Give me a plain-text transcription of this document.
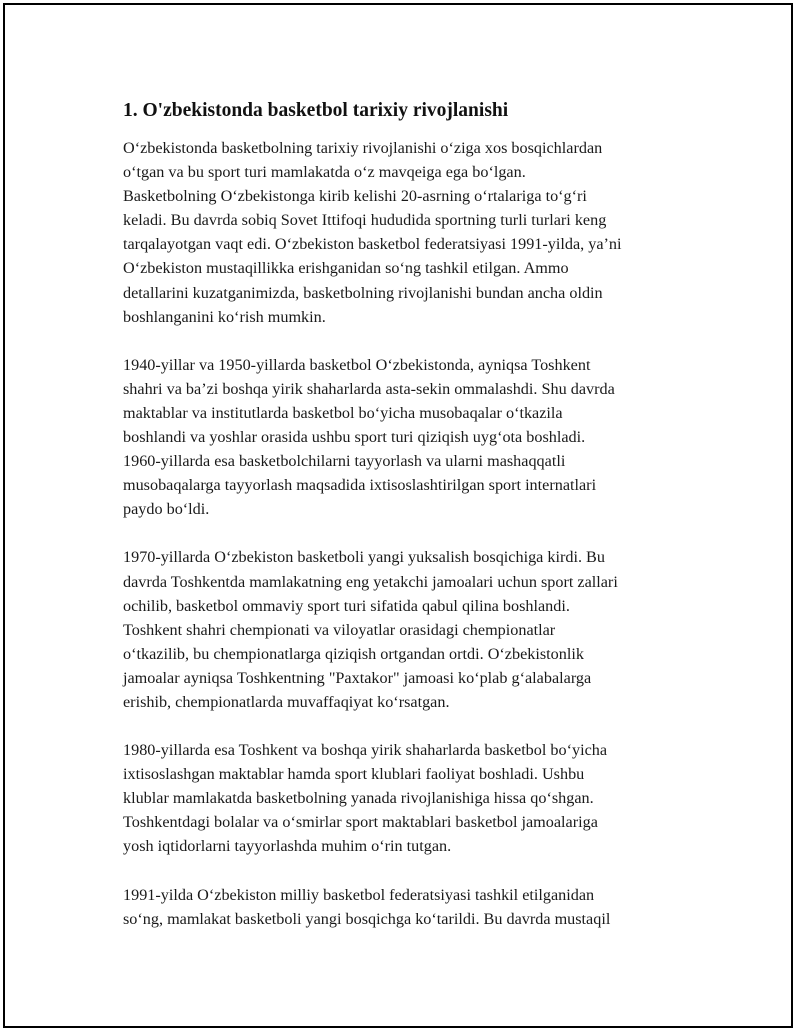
1. O'zbekistonda basketbol tarixiy rivojlanishi

O‘zbekistonda basketbolning tarixiy rivojlanishi o‘ziga xos bosqichlardan
o‘tgan va bu sport turi mamlakatda o‘z mavqeiga ega bo‘lgan.
Basketbolning O‘zbekistonga kirib kelishi 20-asrning o‘rtalariga to‘g‘ri
keladi. Bu davrda sobiq Sovet Ittifoqi hududida sportning turli turlari keng
tarqalayotgan vaqt edi. O‘zbekiston basketbol federatsiyasi 1991-yilda, ya’ni
O‘zbekiston mustaqillikka erishganidan so‘ng tashkil etilgan. Ammo
detallarini kuzatganimizda, basketbolning rivojlanishi bundan ancha oldin
boshlanganini ko‘rish mumkin.

1940-yillar va 1950-yillarda basketbol O‘zbekistonda, ayniqsa Toshkent
shahri va ba’zi boshqa yirik shaharlarda asta-sekin ommalashdi. Shu davrda
maktablar va institutlarda basketbol bo‘yicha musobaqalar o‘tkazila
boshlandi va yoshlar orasida ushbu sport turi qiziqish uyg‘ota boshladi.
1960-yillarda esa basketbolchilarni tayyorlash va ularni mashaqqatli
musobaqalarga tayyorlash maqsadida ixtisoslashtirilgan sport internatlari
paydo bo‘ldi.

1970-yillarda O‘zbekiston basketboli yangi yuksalish bosqichiga kirdi. Bu
davrda Toshkentda mamlakatning eng yetakchi jamoalari uchun sport zallari
ochilib, basketbol ommaviy sport turi sifatida qabul qilina boshlandi.
Toshkent shahri chempionati va viloyatlar orasidagi chempionatlar
o‘tkazilib, bu chempionatlarga qiziqish ortgandan ortdi. O‘zbekistonlik
jamoalar ayniqsa Toshkentning "Paxtakor" jamoasi ko‘plab g‘alabalarga
erishib, chempionatlarda muvaffaqiyat ko‘rsatgan.

1980-yillarda esa Toshkent va boshqa yirik shaharlarda basketbol bo‘yicha
ixtisoslashgan maktablar hamda sport klublari faoliyat boshladi. Ushbu
klublar mamlakatda basketbolning yanada rivojlanishiga hissa qo‘shgan.
Toshkentdagi bolalar va o‘smirlar sport maktablari basketbol jamoalariga
yosh iqtidorlarni tayyorlashda muhim o‘rin tutgan.

1991-yilda O‘zbekiston milliy basketbol federatsiyasi tashkil etilganidan
so‘ng, mamlakat basketboli yangi bosqichga ko‘tarildi. Bu davrda mustaqil
